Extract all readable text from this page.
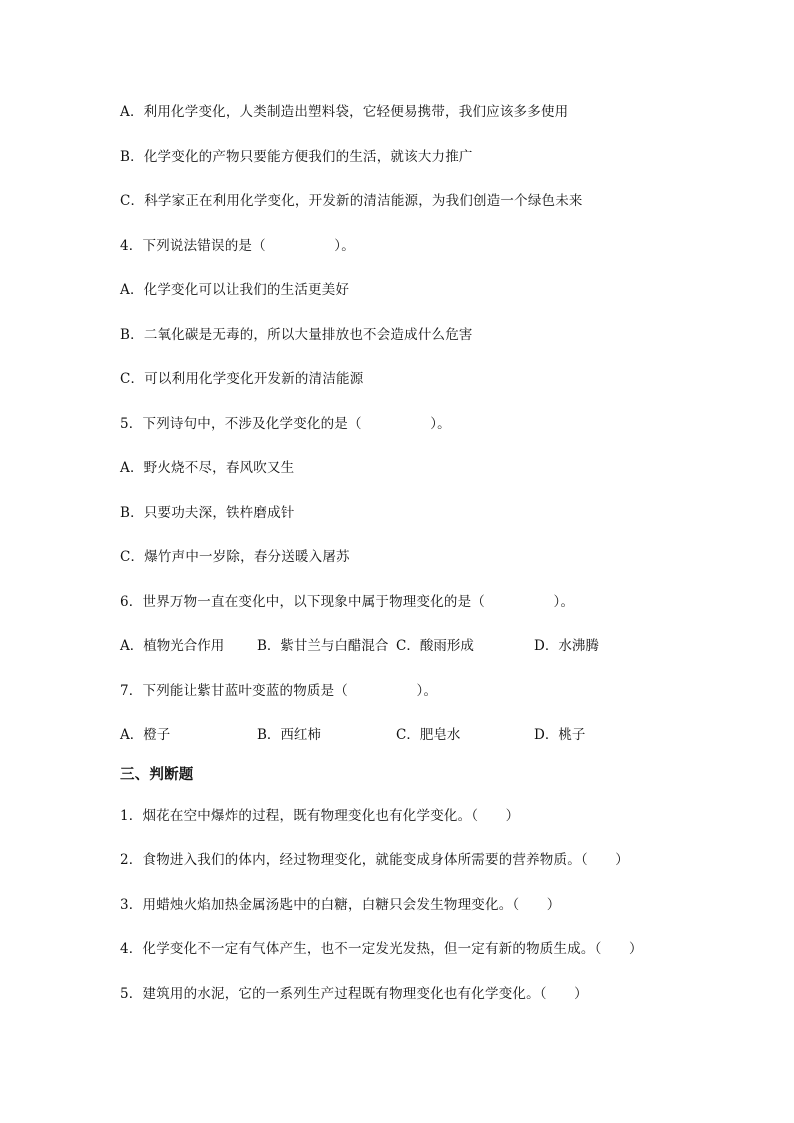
A．利用化学变化，人类制造出塑料袋，它轻便易携带，我们应该多多使用
B．化学变化的产物只要能方便我们的生活，就该大力推广
C．科学家正在利用化学变化，开发新的清洁能源，为我们创造一个绿色未来
4．下列说法错误的是（　　　　　）。
A．化学变化可以让我们的生活更美好
B．二氧化碳是无毒的，所以大量排放也不会造成什么危害
C．可以利用化学变化开发新的清洁能源
5．下列诗句中，不涉及化学变化的是（　　　　　）。
A．野火烧不尽，春风吹又生
B．只要功夫深，铁杵磨成针
C．爆竹声中一岁除，春分送暖入屠苏
6．世界万物一直在变化中，以下现象中属于物理变化的是（　　　　　）。
A．植物光合作用 B．紫甘兰与白醋混合 C．酸雨形成	D．水沸腾
7．下列能让紫甘蓝叶变蓝的物质是（　　　　　）。
A．橙子	B．西红柿	C．肥皂水	D．桃子
三、判断题
1．烟花在空中爆炸的过程，既有物理变化也有化学变化。（　　）
2．食物进入我们的体内，经过物理变化，就能变成身体所需要的营养物质。（　　）
3．用蜡烛火焰加热金属汤匙中的白糖，白糖只会发生物理变化。（　　）
4．化学变化不一定有气体产生，也不一定发光发热，但一定有新的物质生成。（　　）
5．建筑用的水泥，它的一系列生产过程既有物理变化也有化学变化。（　　）
